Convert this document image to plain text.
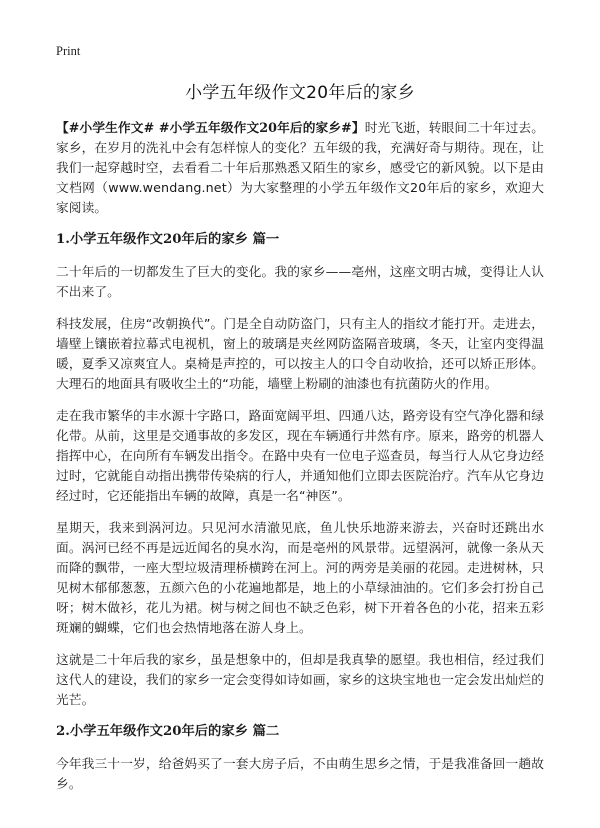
Print
小学五年级作文20年后的家乡

【#小学生作文# #小学五年级作文20年后的家乡#】时光飞逝，转眼间二十年过去。家乡，在岁月的洗礼中会有怎样惊人的变化？五年级的我，充满好奇与期待。现在，让我们一起穿越时空，去看看二十年后那熟悉又陌生的家乡，感受它的新风貌。以下是由文档网（www.wendang.net）为大家整理的小学五年级作文20年后的家乡，欢迎大家阅读。

1.小学五年级作文20年后的家乡 篇一

二十年后的一切都发生了巨大的变化。我的家乡——亳州，这座文明古城，变得让人认不出来了。

科技发展，住房“改朝换代”。门是全自动防盗门，只有主人的指纹才能打开。走进去，墙壁上镶嵌着拉幕式电视机，窗上的玻璃是夹丝网防盗隔音玻璃，冬天，让室内变得温暖，夏季又凉爽宜人。桌椅是声控的，可以按主人的口令自动收拾，还可以矫正形体。大理石的地面具有吸收尘土的“功能，墙壁上粉刷的油漆也有抗菌防火的作用。

走在我市繁华的丰水源十字路口，路面宽阔平坦、四通八达，路旁设有空气净化器和绿化带。从前，这里是交通事故的多发区，现在车辆通行井然有序。原来，路旁的机器人指挥中心，在向所有车辆发出指令。在路中央有一位电子巡查员，每当行人从它身边经过时，它就能自动指出携带传染病的行人，并通知他们立即去医院治疗。汽车从它身边经过时，它还能指出车辆的故障，真是一名“神医”。

星期天，我来到涡河边。只见河水清澈见底，鱼儿快乐地游来游去，兴奋时还跳出水面。涡河已经不再是远近闻名的臭水沟，而是亳州的风景带。远望涡河，就像一条从天而降的飘带，一座大型垃圾清理桥横跨在河上。河的两旁是美丽的花园。走进树林，只见树木郁郁葱葱，五颜六色的小花遍地都是，地上的小草绿油油的。它们多会打扮自己呀；树木做衫，花儿为裙。树与树之间也不缺乏色彩，树下开着各色的小花，招来五彩斑斓的蝴蝶，它们也会热情地落在游人身上。

这就是二十年后我的家乡，虽是想象中的，但却是我真挚的愿望。我也相信，经过我们这代人的建设，我们的家乡一定会变得如诗如画，家乡的这块宝地也一定会发出灿烂的光芒。

2.小学五年级作文20年后的家乡 篇二

今年我三十一岁，给爸妈买了一套大房子后，不由萌生思乡之情，于是我准备回一趟故乡。
